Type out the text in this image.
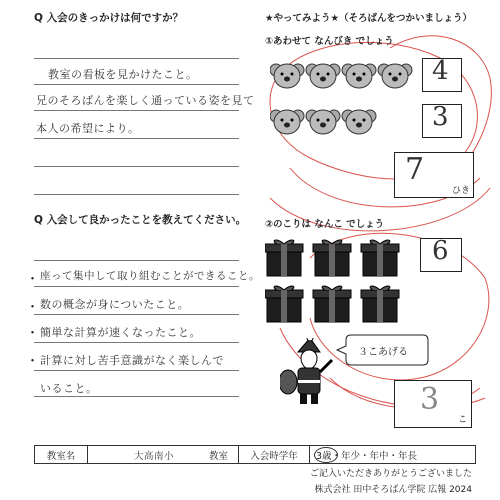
Q 入会のきっかけは何ですか？
教室の看板を見かけたこと。
兄のそろばんを楽しく通っている姿を見て
本人の希望により。
Q 入会して良かったことを教えてください。
・
・
・
・
座って集中して取り組むことができること。
数の概念が身についたこと。
簡単な計算が速くなったこと。
計算に対し苦手意識がなく楽しんで
いること。
★やってみよう★（そろばんをつかいましょう）
①あわせて なんびき でしょう
4
3
7
ひき
②のこりは なんこ でしょう
6
３こあげる
3
こ
教室名	大高南小	教室	入会時学年	3歳・年少・年中・年長
ご記入いただきありがとうございました
株式会社 田中そろばん学院 広報 2024
